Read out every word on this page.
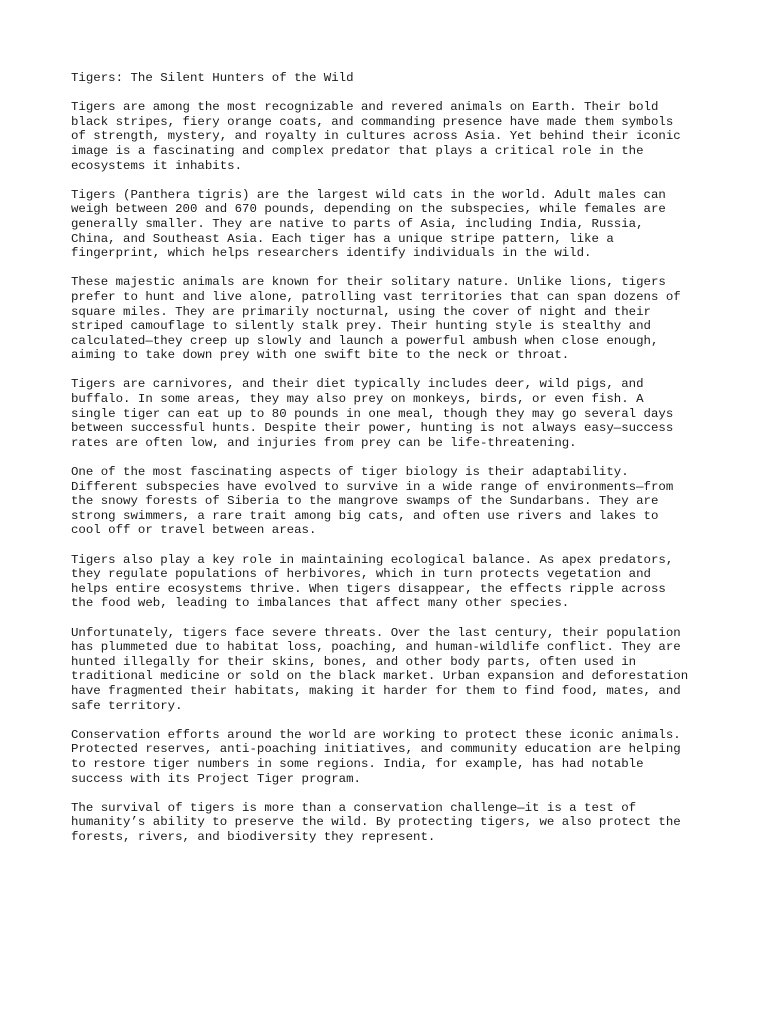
Tigers: The Silent Hunters of the Wild

Tigers are among the most recognizable and revered animals on Earth. Their bold
black stripes, fiery orange coats, and commanding presence have made them symbols
of strength, mystery, and royalty in cultures across Asia. Yet behind their iconic
image is a fascinating and complex predator that plays a critical role in the
ecosystems it inhabits.

Tigers (Panthera tigris) are the largest wild cats in the world. Adult males can
weigh between 200 and 670 pounds, depending on the subspecies, while females are
generally smaller. They are native to parts of Asia, including India, Russia,
China, and Southeast Asia. Each tiger has a unique stripe pattern, like a
fingerprint, which helps researchers identify individuals in the wild.

These majestic animals are known for their solitary nature. Unlike lions, tigers
prefer to hunt and live alone, patrolling vast territories that can span dozens of
square miles. They are primarily nocturnal, using the cover of night and their
striped camouflage to silently stalk prey. Their hunting style is stealthy and
calculated—they creep up slowly and launch a powerful ambush when close enough,
aiming to take down prey with one swift bite to the neck or throat.

Tigers are carnivores, and their diet typically includes deer, wild pigs, and
buffalo. In some areas, they may also prey on monkeys, birds, or even fish. A
single tiger can eat up to 80 pounds in one meal, though they may go several days
between successful hunts. Despite their power, hunting is not always easy—success
rates are often low, and injuries from prey can be life-threatening.

One of the most fascinating aspects of tiger biology is their adaptability.
Different subspecies have evolved to survive in a wide range of environments—from
the snowy forests of Siberia to the mangrove swamps of the Sundarbans. They are
strong swimmers, a rare trait among big cats, and often use rivers and lakes to
cool off or travel between areas.

Tigers also play a key role in maintaining ecological balance. As apex predators,
they regulate populations of herbivores, which in turn protects vegetation and
helps entire ecosystems thrive. When tigers disappear, the effects ripple across
the food web, leading to imbalances that affect many other species.

Unfortunately, tigers face severe threats. Over the last century, their population
has plummeted due to habitat loss, poaching, and human-wildlife conflict. They are
hunted illegally for their skins, bones, and other body parts, often used in
traditional medicine or sold on the black market. Urban expansion and deforestation
have fragmented their habitats, making it harder for them to find food, mates, and
safe territory.

Conservation efforts around the world are working to protect these iconic animals.
Protected reserves, anti-poaching initiatives, and community education are helping
to restore tiger numbers in some regions. India, for example, has had notable
success with its Project Tiger program.

The survival of tigers is more than a conservation challenge—it is a test of
humanity’s ability to preserve the wild. By protecting tigers, we also protect the
forests, rivers, and biodiversity they represent.
